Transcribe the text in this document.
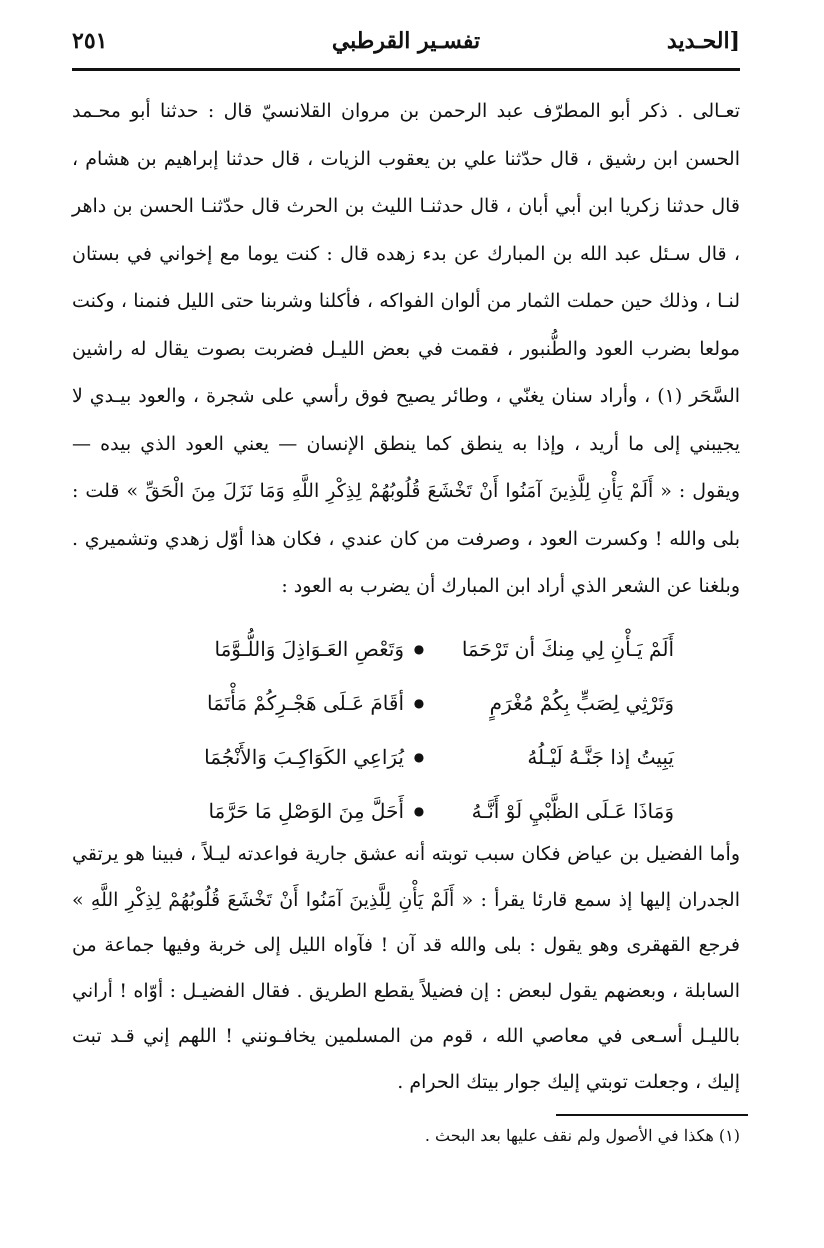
[الحـديد
تفسـير القرطبي
٢٥١

تعـالى . ذكر أبو المطرّف عبد الرحمن بن مروان القلانسيّ قال : حدثنا أبو محـمد الحسن ابن رشيق ، قال حدّثنا علي بن يعقوب الزيات ، قال حدثنا إبراهيم بن هشام ، قال حدثنا زكريا ابن أبي أبان ، قال حدثنـا الليث بن الحرث قال حدّثنـا الحسن بن داهر ، قال سـئل عبد الله بن المبارك عن بدء زهده قال : كنت يوما مع إخواني في بستان لنـا ، وذلك حين حملت الثمار من ألوان الفواكه ، فأكلنا وشربنا حتى الليل فنمنا ، وكنت مولعا بضرب العود والطُّنبور ، فقمت في بعض الليـل فضربت بصوت يقال له راشين السَّحَر (١) ، وأراد سنان يغنّي ، وطائر يصيح فوق رأسي على شجرة ، والعود بيـدي لا يجيبني إلى ما أريد ، وإذا به ينطق كما ينطق الإنسان — يعني العود الذي بيده — ويقول : « أَلَمْ يَأْنِ لِلَّذِينَ آمَنُوا أَنْ تَخْشَعَ قُلُوبُهُمْ لِذِكْرِ اللَّهِ وَمَا نَزَلَ مِنَ الْحَقِّ » قلت : بلى والله ! وكسرت العود ، وصرفت من كان عندي ، فكان هذا أوّل زهدي وتشميري . وبلغنا عن الشعر الذي أراد ابن المبارك أن يضرب به العود :

أَلَمْ يَـأْنِ لِي مِنكَ أن تَرْحَمَا
●
وَتَعْصِ العَـوَاذِلَ وَاللُّـوَّمَا
وَتَرْثِي لِصَبٍّ بِكُمْ مُغْرَمٍ
●
أقَامَ عَـلَى هَجْـرِكُمْ مَأْتَمَا
يَبِيتُ إذا جَنَّـهُ لَيْـلُهُ
●
يُرَاعِي الكَوَاكِـبَ وَالأَنْجُمَا
وَمَاذَا عَـلَى الظَّبْيِ لَوْ أَنَّـهُ
●
أَحَلَّ مِنَ الوَصْلِ مَا حَرَّمَا

وأما الفضيل بن عياض فكان سبب توبته أنه عشق جارية فواعدته ليـلاً ، فبينا هو يرتقي الجدران إليها إذ سمع قارئا يقرأ : « أَلَمْ يَأْنِ لِلَّذِينَ آمَنُوا أَنْ تَخْشَعَ قُلُوبُهُمْ لِذِكْرِ اللَّهِ » فرجع القهقرى وهو يقول : بلى والله قد آن ! فآواه الليل إلى خربة وفيها جماعة من السابلة ، وبعضهم يقول لبعض : إن فضيلاً يقطع الطريق . فقال الفضيـل : أوّاه ! أراني بالليـل أسـعى في معاصي الله ، قوم من المسلمين يخافـونني ! اللهم إني قـد تبت إليك ، وجعلت توبتي إليك جوار بيتك الحرام .

(١) هكذا في الأصول ولم نقف عليها بعد البحث .
